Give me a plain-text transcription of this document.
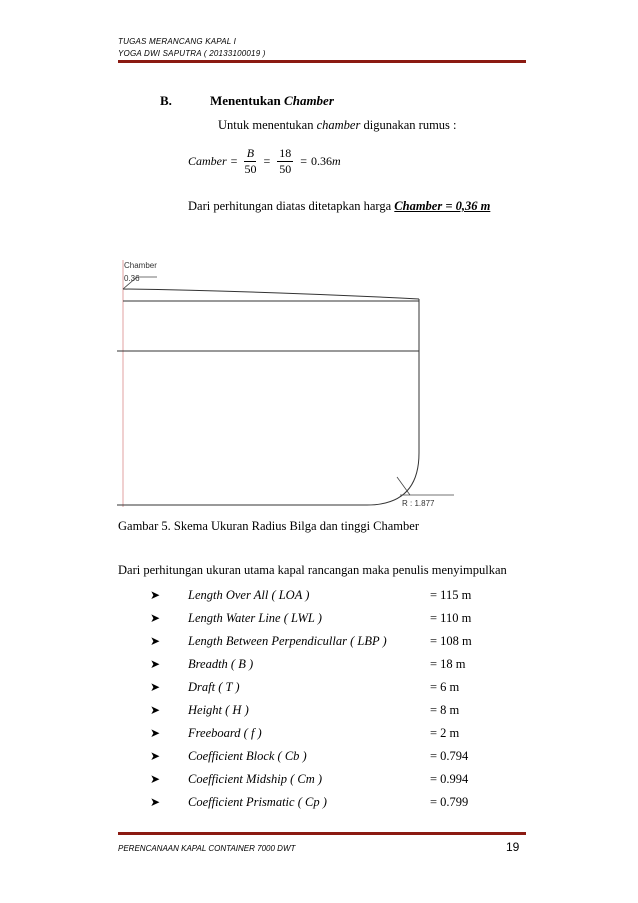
TUGAS MERANCANG KAPAL I
YOGA DWI SAPUTRA ( 20133100019 )
B.	Menentukan Chamber
Untuk menentukan chamber digunakan rumus :
Camber = $\frac{B}{50} = \frac{18}{50} = 0.36$ m
Dari perhitungan diatas ditetapkan harga Chamber = 0,36 m
Chamber
0.36
R : 1.877
Gambar 5. Skema Ukuran Radius Bilga dan tinggi Chamber
Dari perhitungan ukuran utama kapal rancangan maka penulis menyimpulkan
➤ Length Over All ( LOA )	= 115 m
➤ Length Water Line ( LWL )	= 110 m
➤ Length Between Perpendicullar ( LBP )	= 108 m
➤ Breadth ( B )	= 18 m
➤ Draft ( T )	= 6 m
➤ Height ( H )	= 8 m
➤ Freeboard ( f )	= 2 m
➤ Coefficient Block ( Cb )	= 0.794
➤ Coefficient Midship ( Cm )	= 0.994
➤ Coefficient Prismatic ( Cp )	= 0.799
PERENCANAAN KAPAL CONTAINER 7000 DWT	19
